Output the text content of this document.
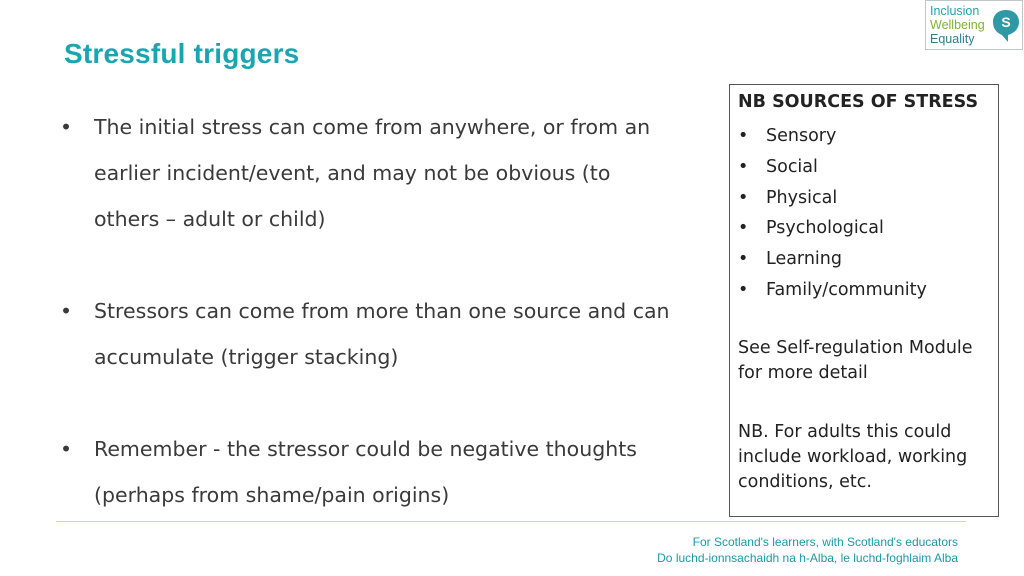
Stressful triggers
Inclusion
Wellbeing
Equality
S
• The initial stress can come from anywhere, or from an earlier incident/event, and may not be obvious (to others – adult or child)
• Stressors can come from more than one source and can accumulate (trigger stacking)
• Remember - the stressor could be negative thoughts (perhaps from shame/pain origins)
NB SOURCES OF STRESS
• Sensory
• Social
• Physical
• Psychological
• Learning
• Family/community
See Self-regulation Module for more detail
NB. For adults this could include workload, working conditions, etc.
For Scotland's learners, with Scotland's educators
Do luchd-ionnsachaidh na h-Alba, le luchd-foghlaim Alba
